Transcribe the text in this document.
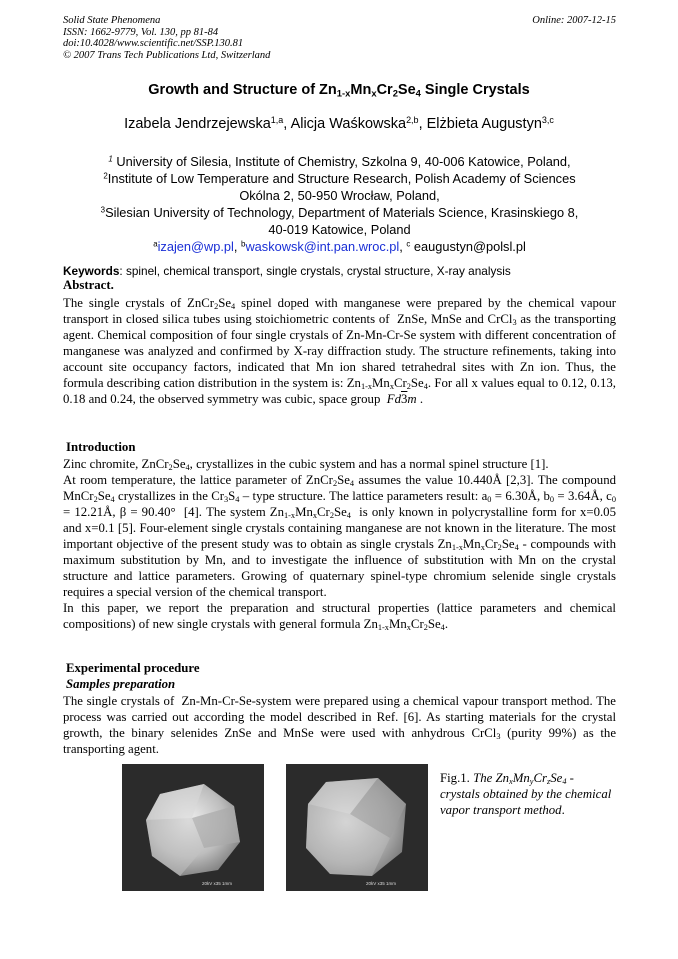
Solid State Phenomena
ISSN: 1662-9779, Vol. 130, pp 81-84
doi:10.4028/www.scientific.net/SSP.130.81
© 2007 Trans Tech Publications Ltd, Switzerland
Online: 2007-12-15
Growth and Structure of $Zn_{1-x}Mn_xCr_2Se_4$ Single Crystals
Izabela Jendrzejewska$^{1,a}$, Alicja Waśkowska$^{2,b}$, Elżbieta Augustyn$^{3,c}$
$^1$ University of Silesia, Institute of Chemistry, Szkolna 9, 40-006 Katowice, Poland,
$^2$Institute of Low Temperature and Structure Research, Polish Academy of Sciences
Okólna 2, 50-950 Wrocław, Poland,
$^3$Silesian University of Technology, Department of Materials Science, Krasinskiego 8,
40-019 Katowice, Poland
$^a$izajen@wp.pl, $^b$waskowsk@int.pan.wroc.pl, $^c$ eaugustyn@polsl.pl
Keywords: spinel, chemical transport, single crystals, crystal structure, X-ray analysis
Abstract.
The single crystals of $ZnCr_2Se_4$ spinel doped with manganese were prepared by the chemical vapour transport in closed silica tubes using stoichiometric contents of  ZnSe, MnSe and CrCl$_3$ as the transporting agent. Chemical composition of four single crystals of Zn-Mn-Cr-Se system with different concentration of manganese was analyzed and confirmed by X-ray diffraction study. The structure refinements, taking into account site occupancy factors, indicated that Mn ion shared tetrahedral sites with Zn ion. Thus, the formula describing cation distribution in the system is: $Zn_{1-x}Mn_xCr_2Se_4$. For all x values equal to 0.12, 0.13, 0.18 and 0.24, the observed symmetry was cubic, space group  Fd3m .
Introduction
Zinc chromite, $ZnCr_2Se_4$, crystallizes in the cubic system and has a normal spinel structure [1].
At room temperature, the lattice parameter of $ZnCr_2Se_4$ assumes the value 10.440Å [2,3]. The compound $MnCr_2Se_4$ crystallizes in the $Cr_3S_4$ – type structure. The lattice parameters result: $a_0$ = 6.30Å, $b_0$ = 3.64Å, $c_0$ = 12.21Å, β = 90.40°  [4]. The system $Zn_{1-x}Mn_xCr_2Se_4$  is only known in polycrystalline form for x=0.05 and x=0.1 [5]. Four-element single crystals containing manganese are not known in the literature. The most important objective of the present study was to obtain as single crystals $Zn_{1-x}Mn_xCr_2Se_4$ - compounds with maximum substitution by Mn, and to investigate the influence of substitution with Mn on the crystal structure and lattice parameters. Growing of quaternary spinel-type chromium selenide single crystals requires a special version of the chemical transport.
In this paper, we report the preparation and structural properties (lattice parameters and chemical compositions) of new single crystals with general formula $Zn_{1-x}Mn_xCr_2Se_4$.
Experimental procedure
Samples preparation
The single crystals of  Zn-Mn-Cr-Se-system were prepared using a chemical vapour transport method. The process was carried out according the model described in Ref. [6]. As starting materials for the crystal growth, the binary selenides ZnSe and MnSe were used with anhydrous CrCl$_3$ (purity 99%) as the transporting agent.
20kV x35 1mm	20kV x35 1mm
Fig.1. The $Zn_xMn_yCr_zSe_4$ - crystals obtained by the chemical vapor transport method.
